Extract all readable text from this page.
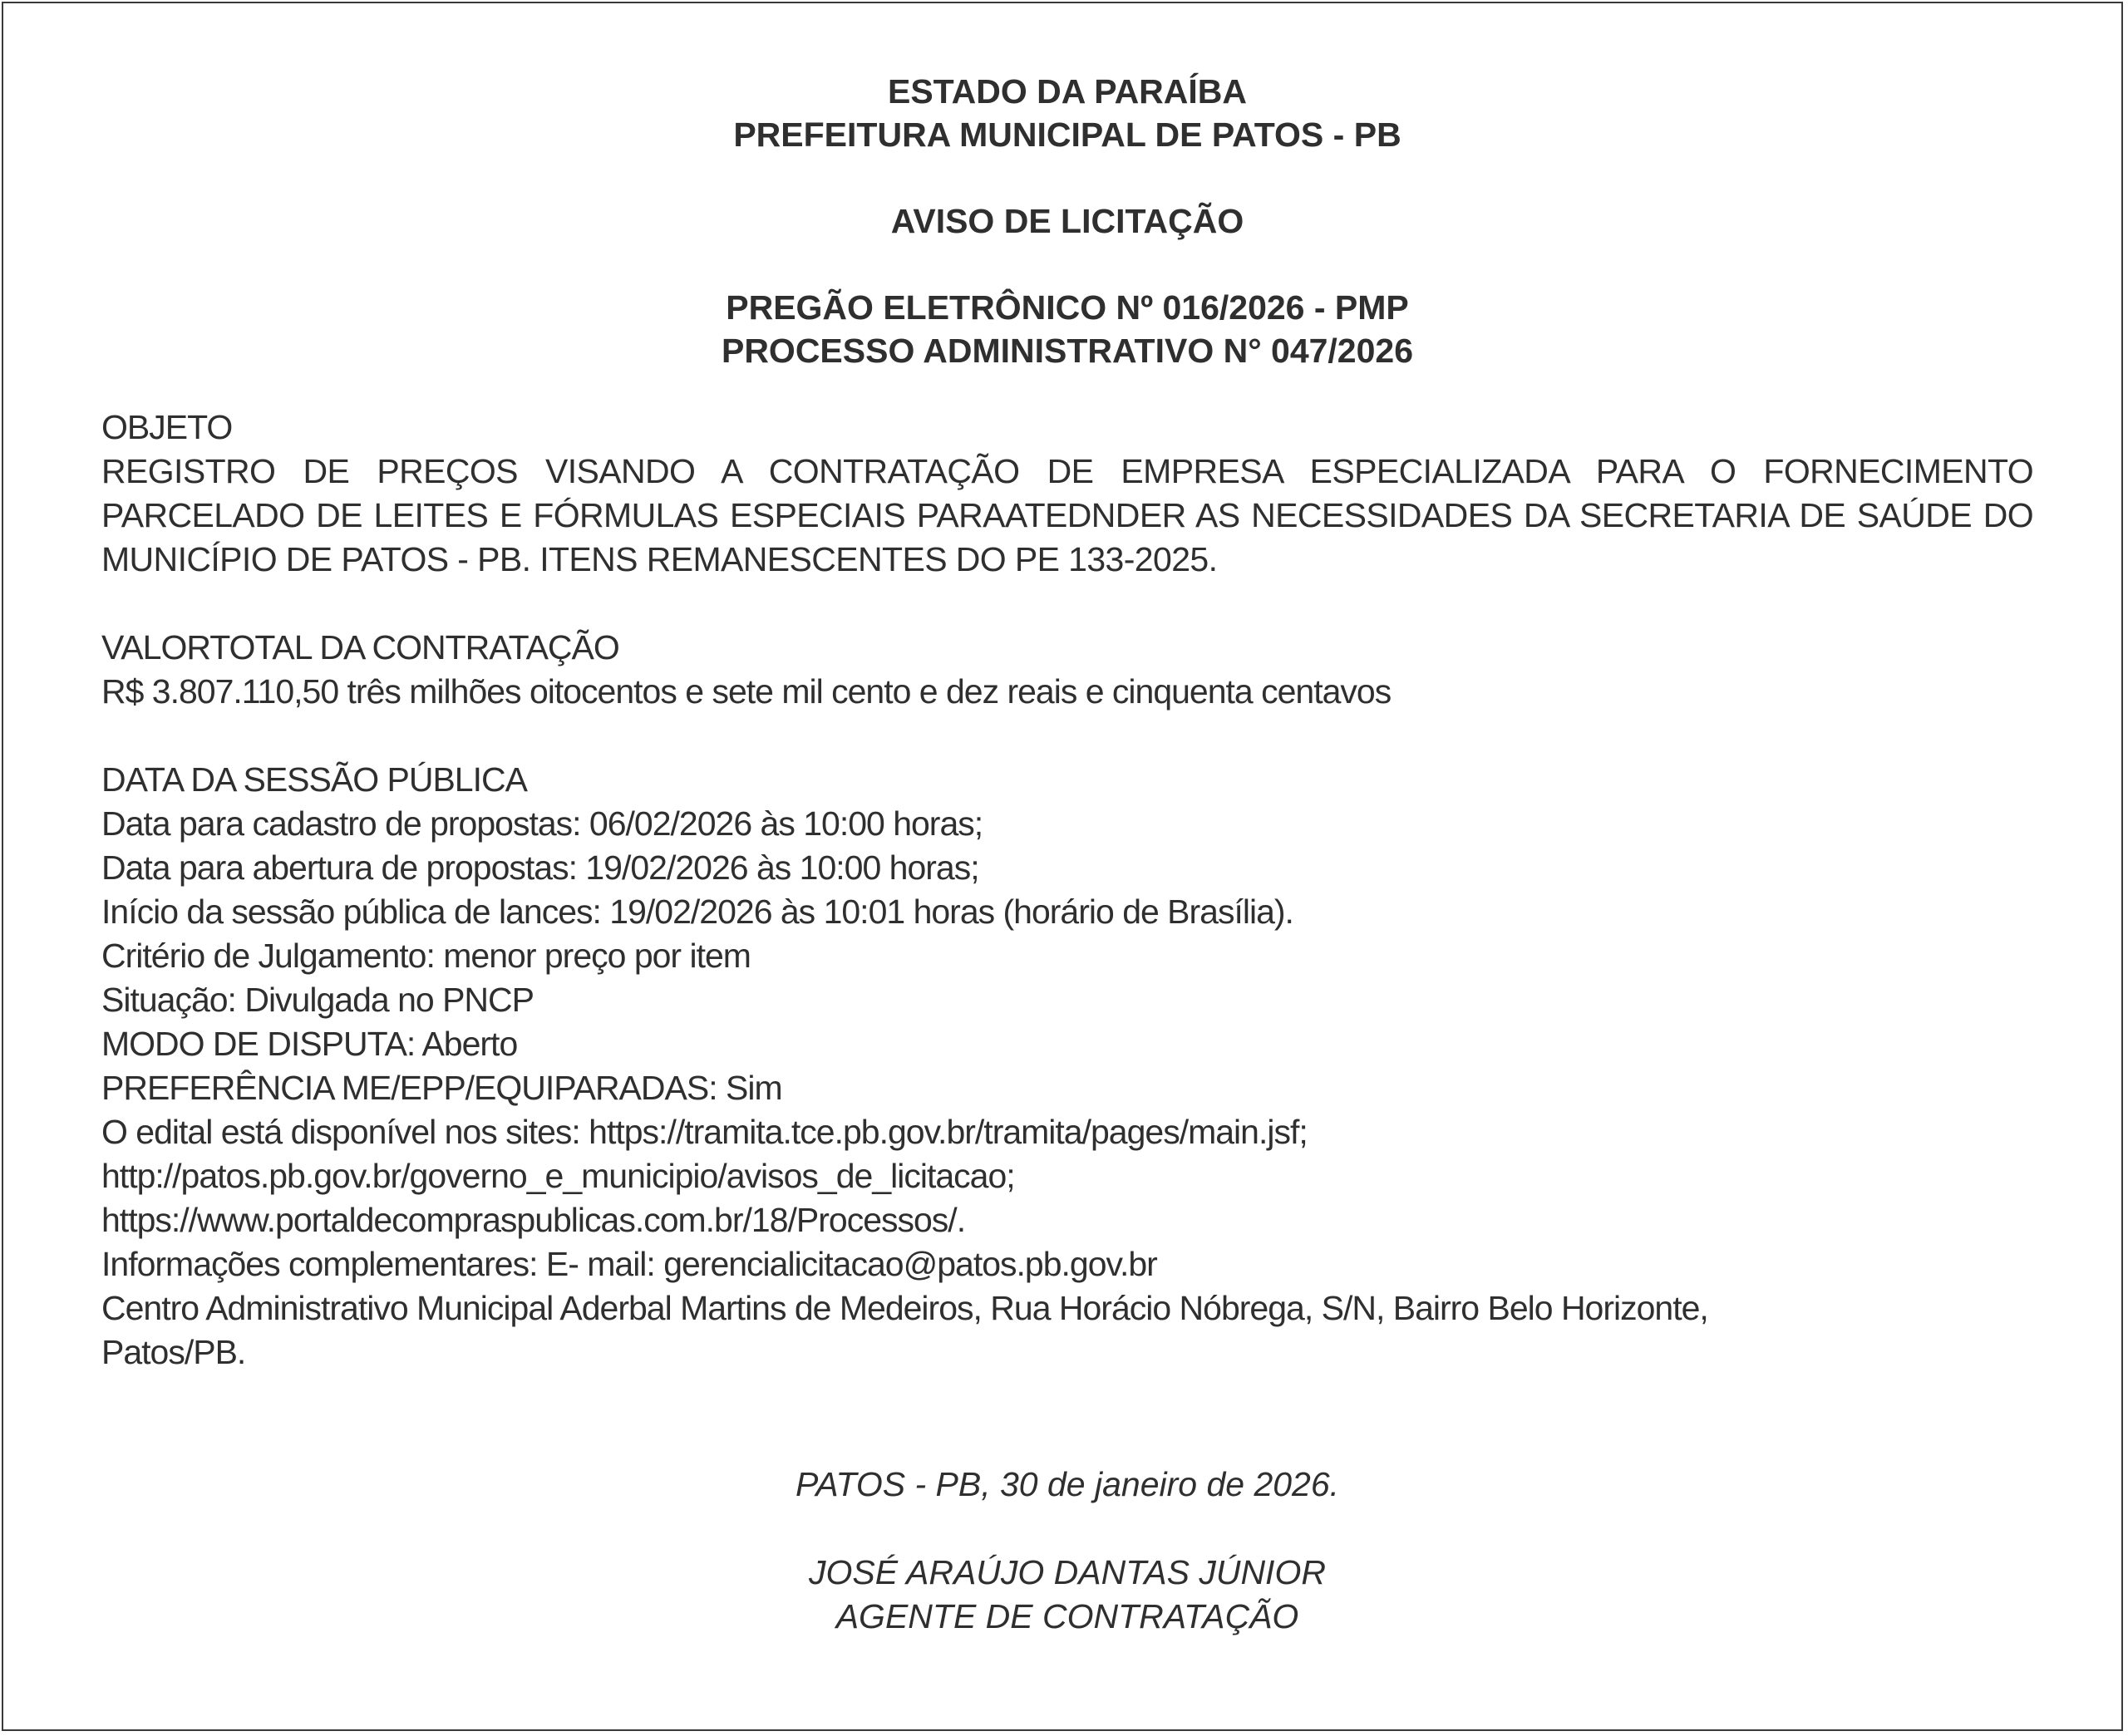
ESTADO DA PARAÍBA

PREFEITURA MUNICIPAL DE PATOS - PB

AVISO DE LICITAÇÃO

PREGÃO ELETRÔNICO Nº 016/2026 - PMP

PROCESSO ADMINISTRATIVO N° 047/2026

OBJETO

REGISTRO DE PREÇOS VISANDO A CONTRATAÇÃO DE EMPRESA ESPECIALIZADA PARA O FORNECIMENTO PARCELADO DE LEITES E FÓRMULAS ESPECIAIS PARAATEDNDER AS NECESSIDADES DA SECRETARIA DE SAÚDE DO MUNICÍPIO DE PATOS - PB. ITENS REMANESCENTES DO PE 133-2025.

VALORTOTAL DA CONTRATAÇÃO

R$ 3.807.110,50 três milhões oitocentos e sete mil cento e dez reais e cinquenta centavos

DATA DA SESSÃO PÚBLICA

Data para cadastro de propostas: 06/02/2026 às 10:00 horas;

Data para abertura de propostas: 19/02/2026 às 10:00 horas;

Início da sessão pública de lances: 19/02/2026 às 10:01 horas (horário de Brasília).

Critério de Julgamento: menor preço por item

Situação: Divulgada no PNCP

MODO DE DISPUTA: Aberto

PREFERÊNCIA ME/EPP/EQUIPARADAS: Sim

O edital está disponível nos sites: https://tramita.tce.pb.gov.br/tramita/pages/main.jsf;

http://patos.pb.gov.br/governo_e_municipio/avisos_de_licitacao;

https://www.portaldecompraspublicas.com.br/18/Processos/.

Informações complementares: E- mail: gerencialicitacao@patos.pb.gov.br

Centro Administrativo Municipal Aderbal Martins de Medeiros, Rua Horácio Nóbrega, S/N, Bairro Belo Horizonte,

Patos/PB.

PATOS - PB, 30 de janeiro de 2026.

JOSÉ ARAÚJO DANTAS JÚNIOR

AGENTE DE CONTRATAÇÃO
